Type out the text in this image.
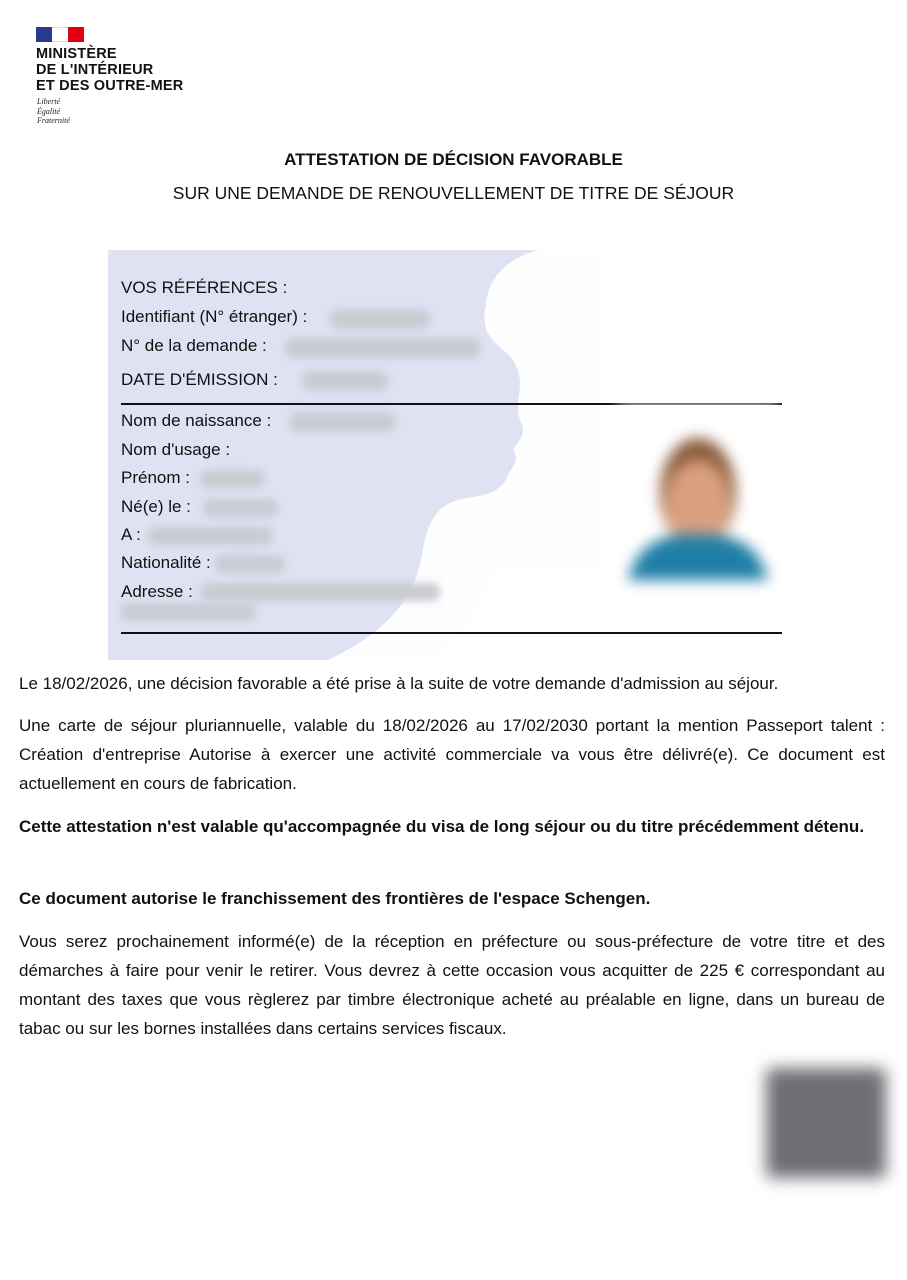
MINISTÈRE
DE L'INTÉRIEUR
ET DES OUTRE-MER
Liberté
Égalité
Fraternité
ATTESTATION DE DÉCISION FAVORABLE
SUR UNE DEMANDE DE RENOUVELLEMENT DE TITRE DE SÉJOUR
VOS RÉFÉRENCES :
Identifiant (N° étranger) :
N° de la demande :
DATE D'ÉMISSION :
Nom de naissance :
Nom d'usage :
Prénom :
Né(e) le :
A :
Nationalité :
Adresse :
Le 18/02/2026, une décision favorable a été prise à la suite de votre demande d'admission au séjour.
Une carte de séjour pluriannuelle, valable du 18/02/2026 au 17/02/2030 portant la mention Passeport talent : Création d'entreprise Autorise à exercer une activité commerciale va vous être délivré(e). Ce document est actuellement en cours de fabrication.
Cette attestation n'est valable qu'accompagnée du visa de long séjour ou du titre précédemment détenu.
Ce document autorise le franchissement des frontières de l'espace Schengen.
Vous serez prochainement informé(e) de la réception en préfecture ou sous-préfecture de votre titre et des démarches à faire pour venir le retirer. Vous devrez à cette occasion vous acquitter de 225 € correspondant au montant des taxes que vous règlerez par timbre électronique acheté au préalable en ligne, dans un bureau de tabac ou sur les bornes installées dans certains services fiscaux.
